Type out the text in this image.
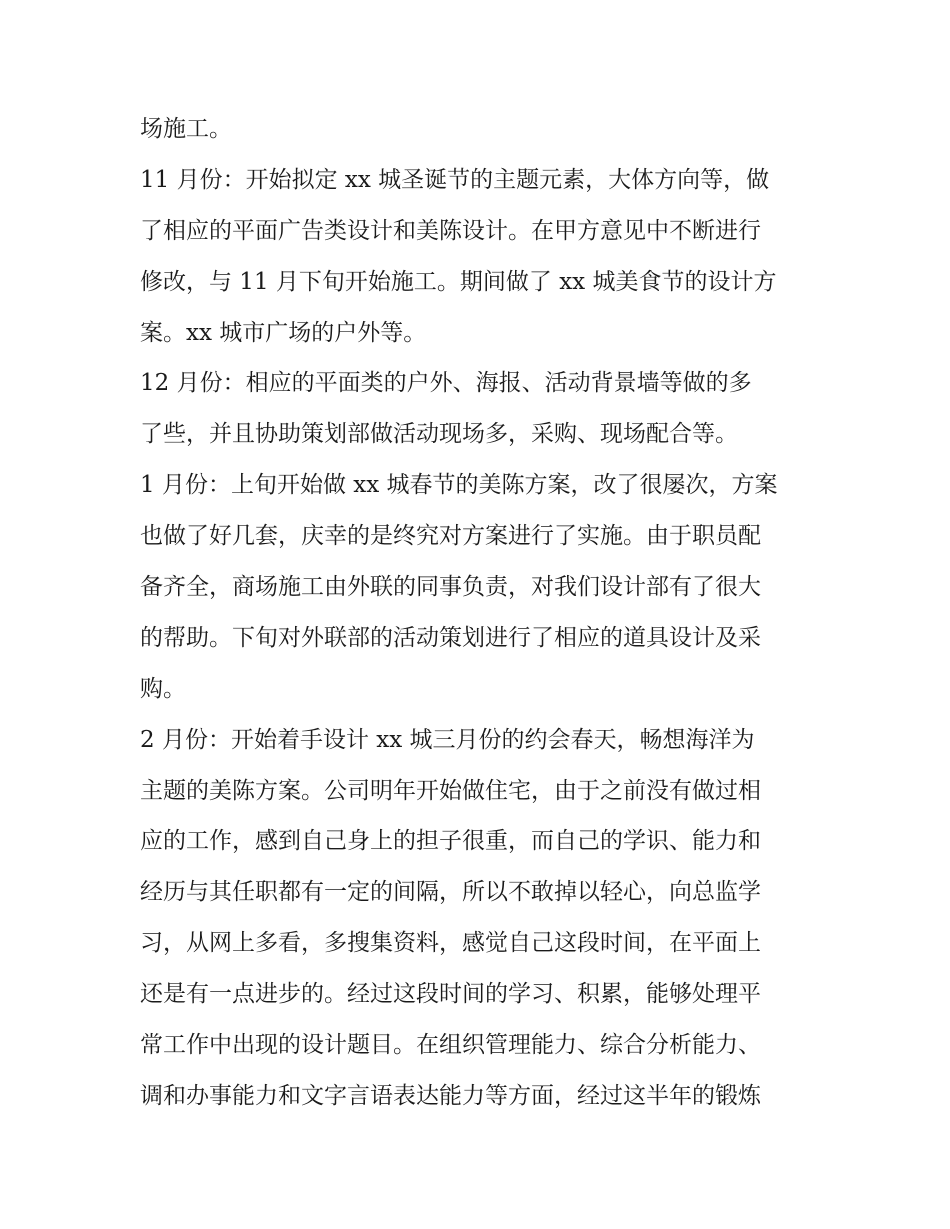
场施工。
11 月份：开始拟定 xx 城圣诞节的主题元素，大体方向等，做
了相应的平面广告类设计和美陈设计。在甲方意见中不断进行
修改，与 11 月下旬开始施工。期间做了 xx 城美食节的设计方
案。xx 城市广场的户外等。
12 月份：相应的平面类的户外、海报、活动背景墙等做的多
了些，并且协助策划部做活动现场多，采购、现场配合等。
1 月份：上旬开始做 xx 城春节的美陈方案，改了很屡次，方案
也做了好几套，庆幸的是终究对方案进行了实施。由于职员配
备齐全，商场施工由外联的同事负责，对我们设计部有了很大
的帮助。下旬对外联部的活动策划进行了相应的道具设计及采
购。
2 月份：开始着手设计 xx 城三月份的约会春天，畅想海洋为
主题的美陈方案。公司明年开始做住宅，由于之前没有做过相
应的工作，感到自己身上的担子很重，而自己的学识、能力和
经历与其任职都有一定的间隔，所以不敢掉以轻心，向总监学
习，从网上多看，多搜集资料，感觉自己这段时间，在平面上
还是有一点进步的。经过这段时间的学习、积累，能够处理平
常工作中出现的设计题目。在组织管理能力、综合分析能力、
调和办事能力和文字言语表达能力等方面，经过这半年的锻炼
